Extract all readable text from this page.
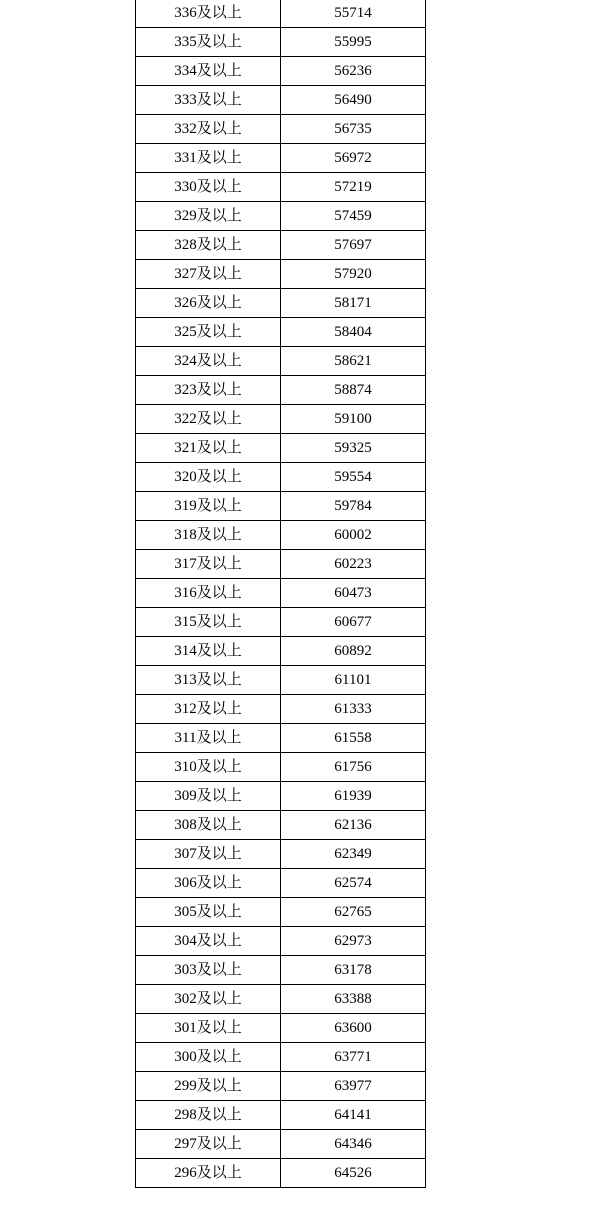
336及以上	55714
335及以上	55995
334及以上	56236
333及以上	56490
332及以上	56735
331及以上	56972
330及以上	57219
329及以上	57459
328及以上	57697
327及以上	57920
326及以上	58171
325及以上	58404
324及以上	58621
323及以上	58874
322及以上	59100
321及以上	59325
320及以上	59554
319及以上	59784
318及以上	60002
317及以上	60223
316及以上	60473
315及以上	60677
314及以上	60892
313及以上	61101
312及以上	61333
311及以上	61558
310及以上	61756
309及以上	61939
308及以上	62136
307及以上	62349
306及以上	62574
305及以上	62765
304及以上	62973
303及以上	63178
302及以上	63388
301及以上	63600
300及以上	63771
299及以上	63977
298及以上	64141
297及以上	64346
296及以上	64526
